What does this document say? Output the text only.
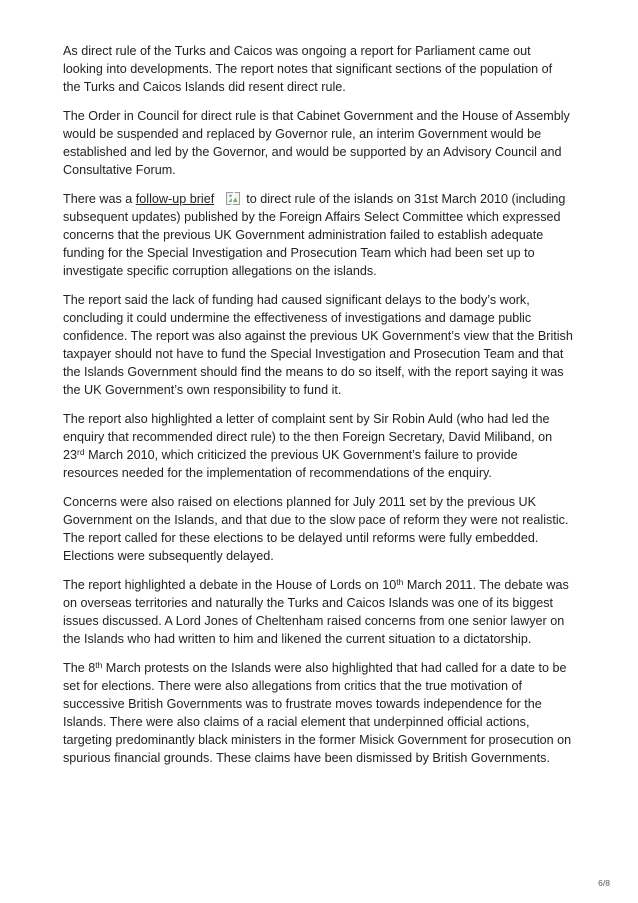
As direct rule of the Turks and Caicos was ongoing a report for Parliament came out looking into developments. The report notes that significant sections of the population of the Turks and Caicos Islands did resent direct rule.

The Order in Council for direct rule is that Cabinet Government and the House of Assembly would be suspended and replaced by Governor rule, an interim Government would be established and led by the Governor, and would be supported by an Advisory Council and Consultative Forum.

There was a follow-up brief	to direct rule of the islands on 31st March 2010 (including subsequent updates) published by the Foreign Affairs Select Committee which expressed concerns that the previous UK Government administration failed to establish adequate funding for the Special Investigation and Prosecution Team which had been set up to investigate specific corruption allegations on the islands.

The report said the lack of funding had caused significant delays to the body’s work, concluding it could undermine the effectiveness of investigations and damage public confidence. The report was also against the previous UK Government’s view that the British taxpayer should not have to fund the Special Investigation and Prosecution Team and that the Islands Government should find the means to do so itself, with the report saying it was the UK Government’s own responsibility to fund it.

The report also highlighted a letter of complaint sent by Sir Robin Auld (who had led the enquiry that recommended direct rule) to the then Foreign Secretary, David Miliband, on 23rd March 2010, which criticized the previous UK Government’s failure to provide resources needed for the implementation of recommendations of the enquiry.

Concerns were also raised on elections planned for July 2011 set by the previous UK Government on the Islands, and that due to the slow pace of reform they were not realistic. The report called for these elections to be delayed until reforms were fully embedded. Elections were subsequently delayed.

The report highlighted a debate in the House of Lords on 10th March 2011. The debate was on overseas territories and naturally the Turks and Caicos Islands was one of its biggest issues discussed. A Lord Jones of Cheltenham raised concerns from one senior lawyer on the Islands who had written to him and likened the current situation to a dictatorship.

The 8th March protests on the Islands were also highlighted that had called for a date to be set for elections. There were also allegations from critics that the true motivation of successive British Governments was to frustrate moves towards independence for the Islands. There were also claims of a racial element that underpinned official actions, targeting predominantly black ministers in the former Misick Government for prosecution on spurious financial grounds. These claims have been dismissed by British Governments.

6/8
